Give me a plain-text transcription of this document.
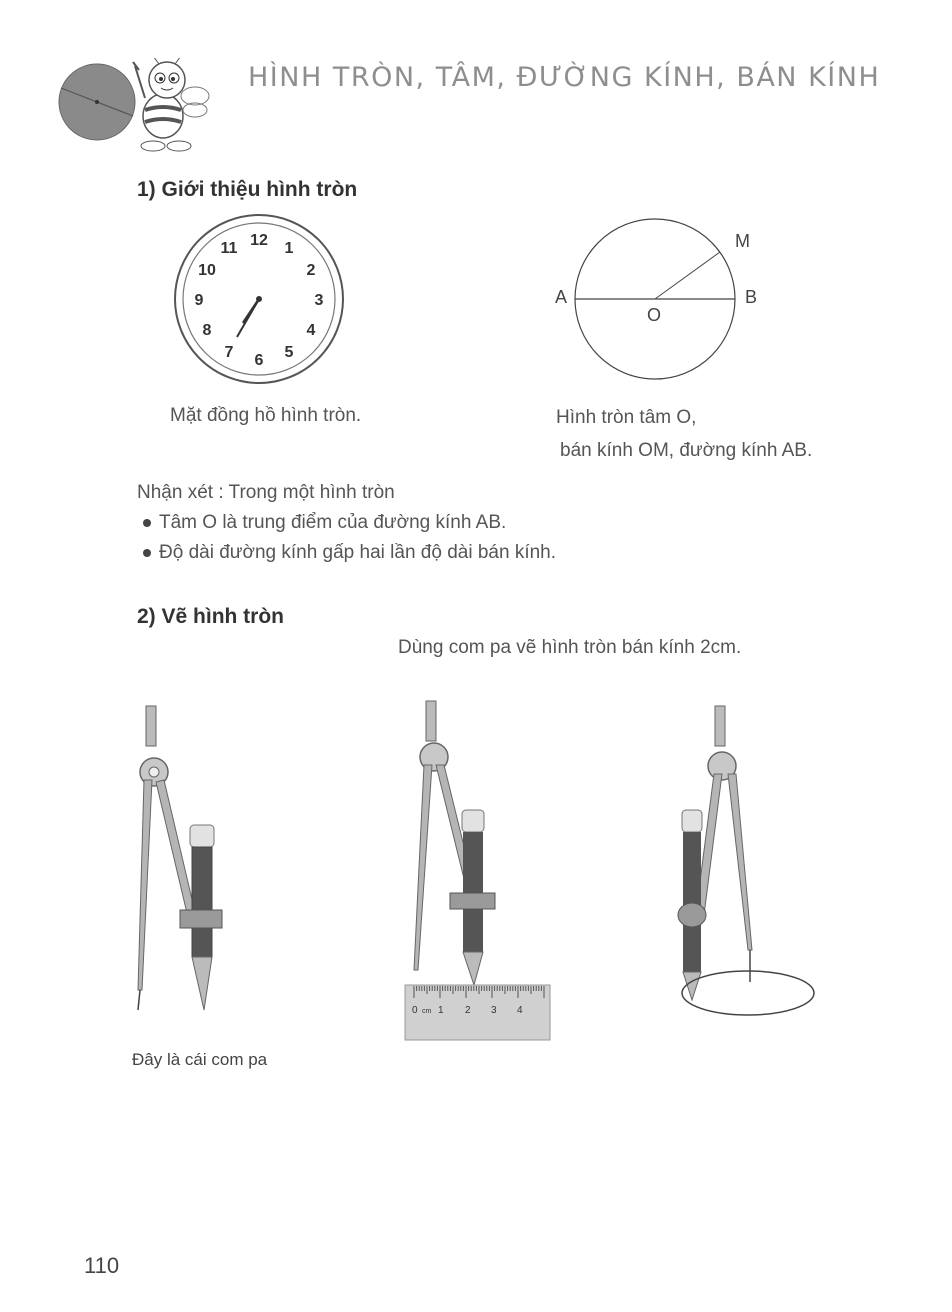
HÌNH TRÒN, TÂM, ĐƯỜNG KÍNH, BÁN KÍNH
1) Giới thiệu hình tròn
12 1
2
3
4
5
6
7
8
9
10
11
Mặt đồng hồ hình tròn.
M
A	B
O
Hình tròn tâm O,
bán kính OM, đường kính AB.
Nhận xét : Trong một hình tròn
Tâm O là trung điểm của đường kính AB.
Độ dài đường kính gấp hai lần độ dài bán kính.
2) Vẽ hình tròn
Dùng com pa vẽ hình tròn bán kính 2cm.
Đây là cái com pa
0 cm 1 2 3 4
110
